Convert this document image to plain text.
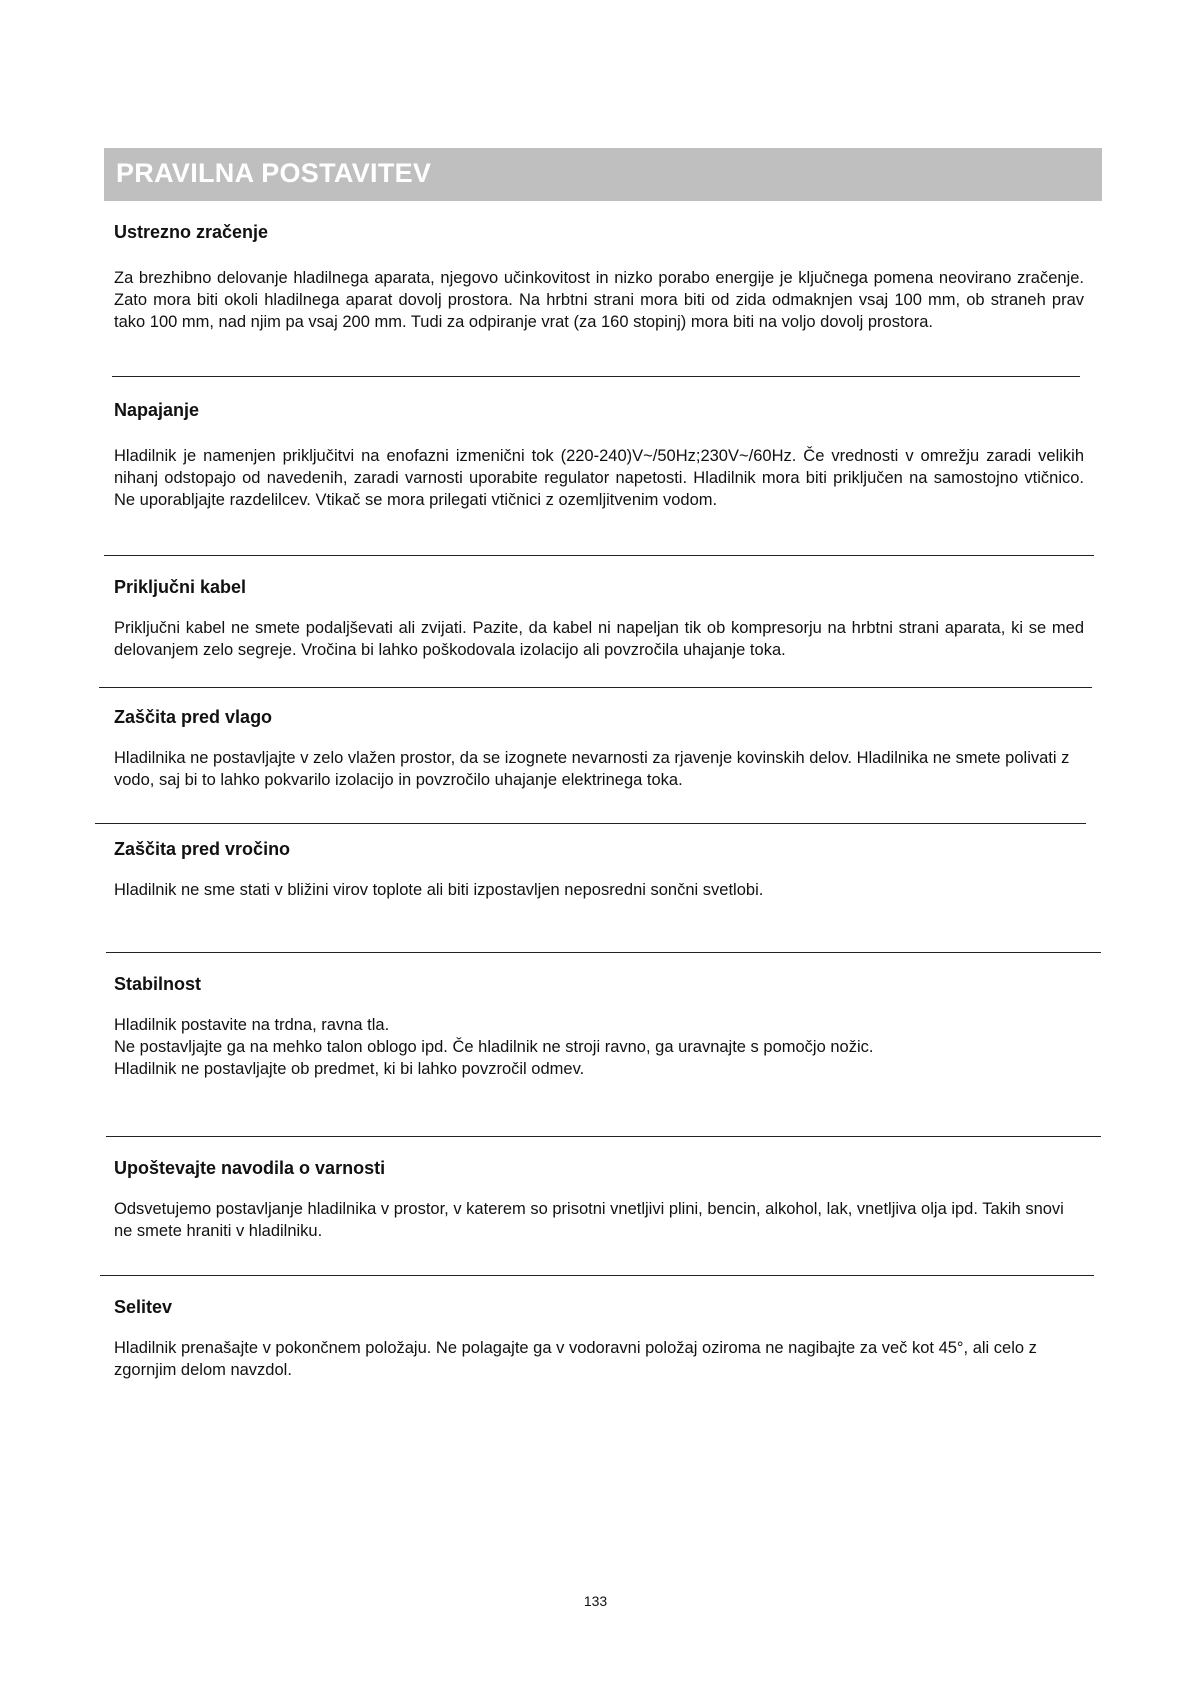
PRAVILNA POSTAVITEV
Ustrezno zračenje

Za brezhibno delovanje hladilnega aparata, njegovo učinkovitost in nizko porabo energije je ključnega pomena neovirano zračenje. Zato mora biti okoli hladilnega aparat dovolj prostora. Na hrbtni strani mora biti od zida odmaknjen vsaj 100 mm, ob straneh prav tako 100 mm, nad njim pa vsaj 200 mm. Tudi za odpiranje vrat (za 160 stopinj) mora biti na voljo dovolj prostora.

Napajanje

Hladilnik je namenjen priključitvi na enofazni izmenični tok (220-240)V~/50Hz;230V~/60Hz. Če vrednosti v omrežju zaradi velikih nihanj odstopajo od navedenih, zaradi varnosti uporabite regulator napetosti. Hladilnik mora biti priključen na samostojno vtičnico. Ne uporabljajte razdelilcev. Vtikač se mora prilegati vtičnici z ozemljitvenim vodom.

Priključni kabel

Priključni kabel ne smete podaljševati ali zvijati. Pazite, da kabel ni napeljan tik ob kompresorju na hrbtni strani aparata, ki se med delovanjem zelo segreje. Vročina bi lahko poškodovala izolacijo ali povzročila uhajanje toka.

Zaščita pred vlago

Hladilnika ne postavljajte v zelo vlažen prostor, da se izognete nevarnosti za rjavenje kovinskih delov. Hladilnika ne smete polivati z vodo, saj bi to lahko pokvarilo izolacijo in povzročilo uhajanje elektrinega toka.

Zaščita pred vročino

Hladilnik ne sme stati v bližini virov toplote ali biti izpostavljen neposredni sončni svetlobi.

Stabilnost

Hladilnik postavite na trdna, ravna tla.

Ne postavljajte ga na mehko talon oblogo ipd. Če hladilnik ne stroji ravno, ga uravnajte s pomočjo nožic.

Hladilnik ne postavljajte ob predmet, ki bi lahko povzročil odmev.

Upoštevajte navodila o varnosti

Odsvetujemo postavljanje hladilnika v prostor, v katerem so prisotni vnetljivi plini, bencin, alkohol, lak, vnetljiva olja ipd. Takih snovi ne smete hraniti v hladilniku.

Selitev

Hladilnik prenašajte v pokončnem položaju. Ne polagajte ga v vodoravni položaj oziroma ne nagibajte za več kot 45°, ali celo z zgornjim delom navzdol.

133
